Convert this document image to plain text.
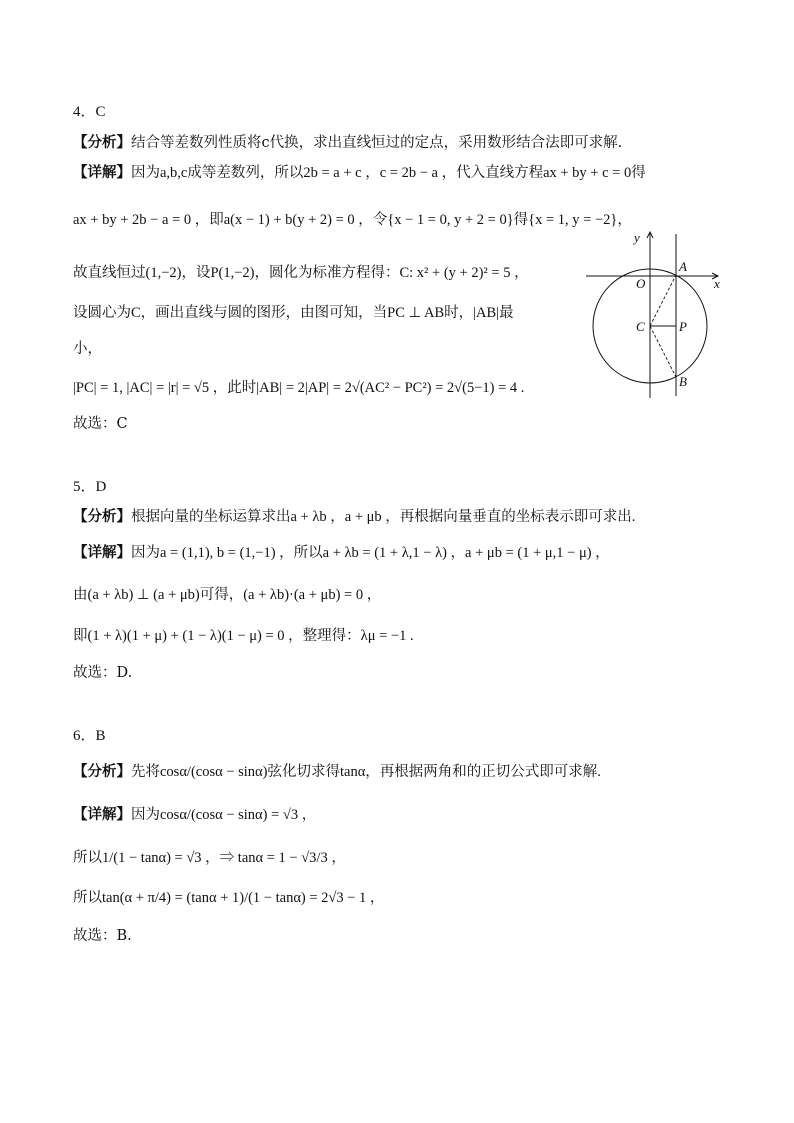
4．C
【分析】结合等差数列性质将c代换，求出直线恒过的定点，采用数形结合法即可求解.
【详解】因为a,b,c成等差数列，所以2b = a + c ，c = 2b − a ，代入直线方程ax + by + c = 0得
ax + by + 2b − a = 0 ，即a(x − 1) + b(y + 2) = 0 ，令{x − 1 = 0, y + 2 = 0}得{x = 1, y = −2}，
故直线恒过(1,−2)，设P(1,−2)，圆化为标准方程得：C: x² + (y + 2)² = 5 ，
设圆心为C，画出直线与圆的图形，由图可知，当PC ⊥ AB时，|AB|最
小，
|PC| = 1, |AC| = |r| = √5 ，此时|AB| = 2|AP| = 2√(AC² − PC²) = 2√(5−1) = 4 .
故选：C
y
x
O
A
C	P
B
5．D
【分析】根据向量的坐标运算求出a + λb ，a + μb ，再根据向量垂直的坐标表示即可求出.
【详解】因为a = (1,1), b = (1,−1) ，所以a + λb = (1 + λ,1 − λ) ，a + μb = (1 + μ,1 − μ) ，
由(a + λb) ⊥ (a + μb)可得，(a + λb)·(a + μb) = 0 ，
即(1 + λ)(1 + μ) + (1 − λ)(1 − μ) = 0 ，整理得：λμ = −1 .
故选：D.
6．B
【分析】先将cosα/(cosα − sinα)弦化切求得tanα，再根据两角和的正切公式即可求解.
【详解】因为cosα/(cosα − sinα) = √3 ，
所以1/(1 − tanα) = √3 ，⇒ tanα = 1 − √3/3 ，
所以tan(α + π/4) = (tanα + 1)/(1 − tanα) = 2√3 − 1 ，
故选：B.
